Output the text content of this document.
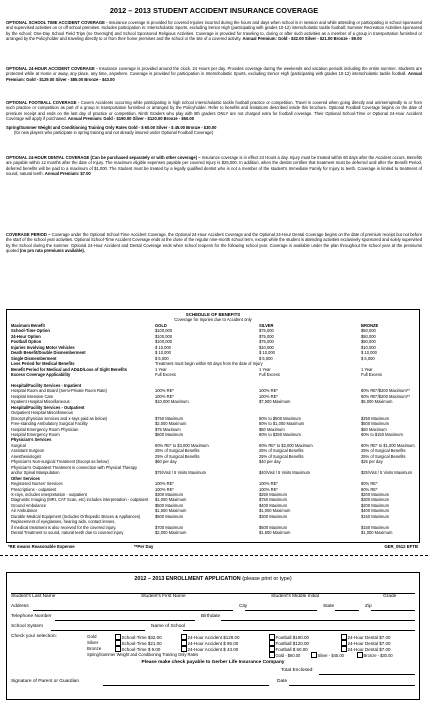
2012 – 2013 STUDENT ACCIDENT INSURANCE COVERAGE
OPTIONAL SCHOOL TIME ACCIDENT COVERAGE - Insurance coverage is provided for covered Injuries incurred during the hours and days when school is in session and while attending or participating in school sponsored and supervised activities on or off school premises. Includes participation in: Interscholastic Sports, excluding Senior High (participating with grades 10-12) interscholastic tackle football; Summer Recreation Activities sponsored by the school; One-Day School Field Trips (no Overnight) and School Sponsored Religious Activities. Coverage is provided for traveling to, during or after such activities as a member of a group in transportation furnished or arranged by the Policyholder and traveling directly to or from their home premises and the school or the site of a covered activity. Annual Premium: Gold - $32.00 Silver - $21.00 Bronze - $9.00
OPTIONAL 24-HOUR ACCIDENT COVERAGE - Insurance coverage is provided around the clock, 24 Hours per day. Provides coverage during the weekends and vacation periods including the entire summer. Students are protected while at Home or away, any place, any time, anywhere. Coverage is provided for participation in Interscholastic Sports, excluding Senior High (participating with grades 10-12) interscholastic tackle football. Annual Premium: Gold - $129.00 Silver - $85.00 Bronze - $43.00
OPTIONAL FOOTBALL COVERAGE - Covers Accidents occurring while participating in high school interscholastic tackle football practice or competition. Travel is covered when going directly and uninterruptedly to or from such practice or competition as part of a group in transportation furnished or arranged by the Policyholder. Refer to benefits and limitations described inside this brochure. Optional Football Coverage begins on the date of premium receipt and ends on the last day of practice or competition. Ninth Graders who play with 9th graders ONLY are not charged extra for football coverage. Their Optional School-Time or Optional 24-Hour Accident Coverage will apply if purchased. Annual Premium: Gold - $190.00 Silver - $120.00 Bronze - $60.00
Spring/Summer Weight and Conditioning Training Only Rates Gold - $ 60.00 Silver - $ 45.00 Bronze - $30.00
(for new players who participate in spring training and not already insured under Optional Football Coverage)
OPTIONAL 24-HOUR DENTAL COVERAGE (Can be purchased separately or with other coverage) – Insurance coverage is in effect 24 Hours a day. Injury must be treated within 60 days after the Accident occurs. Benefits are payable within 12 months after the date of Injury. The maximum eligible expenses payable per covered Injury is $25,000. In addition, when the dentist certifies that treatment must be deferred until after the Benefit Period, deferred benefits will be paid to a maximum of $1,000. The Student must be treated by a legally qualified dentist who is not a member of the student's Immediate Family for Injury to teeth. Coverage is limited to treatment of sound, natural teeth. Annual Premium: $7.00
COVERAGE PERIOD – Coverage under the Optional School-Time Accident Coverage, the Optional 24-Hour Accident Coverage and the Optional 24-Hour Dental Coverage begins on the date of premium receipt but not before the start of the school year activities. Optional School-Time Accident Coverage ends at the close of the regular nine-month school term, except while the student is attending activities exclusively sponsored and solely supervised by the School during the summer. Optional 24-Hour Accident and Dental Coverage ends when school reopens for the following school year. Coverage is available under the plan throughout the school year at the premiums quoted (no pro rata premiums available).
SCHEDULE OF BENEFITS
Coverage for Injuries due to Accident only
Maximum Benefit	GOLD	SILVER	BRONZE
School-Time Option	$100,000	$75,000	$50,000
24-Hour Option	$100,000	$75,000	$50,000
Football Option	$100,000	$75,000	$50,000
Injuries Involving Motor Vehicles	$ 10,000	$10,000	$10,000
Death Benefit/Double Dismemberment	$ 10,000	$ 10,000	$ 10,000
Single Dismemberment	$ 5,000	$ 5,000	$ 5,000
Loss Period for Medical Benefits	Treatment must begin within 60 days from the date of Injury
Benefit Period for Medical and AD&D/Loss of Sight Benefits	1 Year	1 Year	1 Year
Excess Coverage Applicability	Full Excess	Full Excess	Full Excess
Hospital/Facility Services - Inpatient
Hospital Room and Board (Semi-Private Room Rate)	100% RE*	100% RE*	80% RE*/$200 Maximum**
Hospital Intensive Care	100% RE*	100% RE*	80% RE*/$200 Maximum**
Inpatient Hospital Miscellaneous	$10,000 Maximum	$7,500 Maximum	$5,000 Maximum
Hospital/Facility Services - Outpatient
Outpatient Hospital Miscellaneous
(Except physician services and x-rays paid as below)	$750 Maximum	80% to $500 Maximum	$250 Maximum
Free-standing Ambulatory Surgical Facility	$2,000 Maximum	80% to $1,000 Maximum	$500 Maximum
Hospital Emergency Room Physician	$75 Maximum	$50 Maximum	$50 Maximum
Hospital Emergency Room	$500 Maximum	80% to $350 Maximum	80% to $150 Maximum
Physician's Services
Surgical	80% RE* to $3,000 Maximum	80% RE* to $2,000 Maximum	80% RE* to $1,000 Maximum
Assistant Surgeon	25% of Surgical Benefits	25% of Surgical Benefits	25% of Surgical Benefits
Anesthesiologist	25% of Surgical Benefits	25% of Surgical Benefits	25% of Surgical Benefits
Physician's Non-surgical Treatment (Except as below)	$60 per day	$40 per day	$25 per day
Physician's Outpatient Treatment in connection with Physical Therapy
and/or Spinal Manipulation	$75/Visit / 5 Visits Maximum	$40/Visit / 5 Visits Maximum	$25/Visit / 5 Visits Maximum
Other Services
Registered Nurses' Services	100% RE*	100% RE*	80% RE*
Prescriptions - outpatient	100% RE*	100% RE*	80% RE*
X-rays, includes interpretation - outpatient	$300 Maximum	$250 Maximum	$200 Maximum
Diagnostic Imaging (MRI, CAT Scan, etc) includes interpretation - outpatient $1,000 Maximum	$750 Maximum	$300 Maximum
Ground Ambulance	$500 Maximum	$400 Maximum	$200 Maximum
Air Ambulance	$1,500 Maximum	$1,000 Maximum	$400 Maximum
Durable Medical Equipment (Includes Orthopedic Braces & Appliances)	$500 Maximum	$300 Maximum	$150 Maximum
Replacement of eyeglasses, hearing aids, contact lenses,
if medical treatment is also received for the covered injury.	$700 Maximum	$500 Maximum	$150 Maximum
Dental Treatment to sound, natural teeth due to covered injury	$2,000 Maximum	$1,500 Maximum	$1,000 Maximum
*RE means Reasonable Expense	**Per Day	GER_0512 EFTB
2012 – 2013 ENROLLMENT APPLICATION (please print or type)
Student's Last Name	Student's First Name	Student's Middle Initial	Grade
Address	City	State	Zip
Telephone Number	Birthdate
School System	Name of School
Check your selection:	Gold	School-Time $32.00	24-Hour Accident $129.00	Football $190.00	24-Hour Dental $7.00
Silver	School-Time $21.00	24-Hour Accident $ 85.00	Football $120.00	24-Hour Dental $7.00
Bronze	School-Time $ 9.00	24-Hour Accident $ 43.00	Football $ 60.00	24-Hour Dental $7.00
Spring/Summer Weight and Conditioning Training Only Rates	Gold - $60.00	Silver - $45.00	Bronze - $30.00
Please make check payable to Gerber Life Insurance Company
Total Enclosed:
Signature of Parent or Guardian	Date
